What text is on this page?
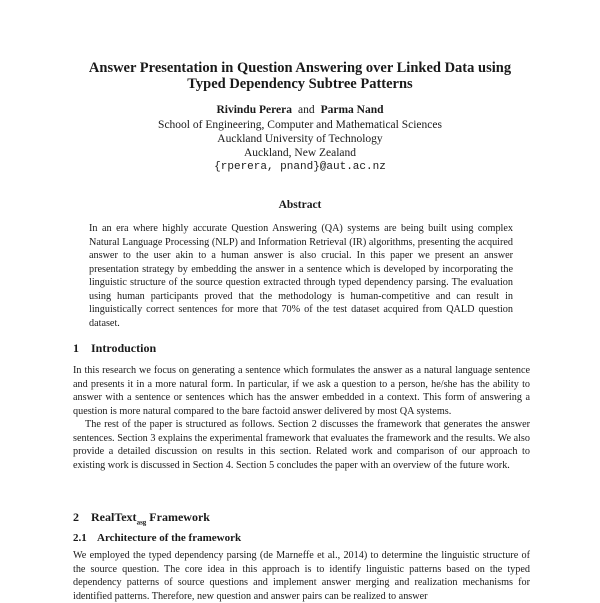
Answer Presentation in Question Answering over Linked Data using
Typed Dependency Subtree Patterns
Rivindu Perera and Parma Nand
School of Engineering, Computer and Mathematical Sciences
Auckland University of Technology
Auckland, New Zealand
{rperera, pnand}@aut.ac.nz
Abstract
In an era where highly accurate Question Answering (QA) systems are being built using complex Natural Language Processing (NLP) and Information Retrieval (IR) algorithms, presenting the acquired answer to the user akin to a human answer is also crucial. In this paper we present an answer presentation strategy by embedding the answer in a sentence which is developed by incorporating the linguistic structure of the source question extracted through typed dependency parsing. The evaluation using human participants proved that the methodology is human-competitive and can result in linguistically correct sentences for more that 70% of the test dataset acquired from QALD question dataset.
1 Introduction
In this research we focus on generating a sentence which formulates the answer as a natural language sentence and presents it in a more natural form. In particular, if we ask a question to a person, he/she has the ability to answer with a sentence or sentences which has the answer embedded in a context. This form of answering a question is more natural compared to the bare factoid answer delivered by most QA systems.
The rest of the paper is structured as follows. Section 2 discusses the framework that generates the answer sentences. Section 3 explains the experimental framework that evaluates the framework and the results. We also provide a detailed discussion on results in this section. Related work and comparison of our approach to existing work is discussed in Section 4. Section 5 concludes the paper with an overview of the future work.
2 RealText$_{asg}$ Framework
2.1 Architecture of the framework
We employed the typed dependency parsing (de Marneffe et al., 2014) to determine the linguistic structure of the source question. The core idea in this approach is to identify linguistic patterns based on the typed dependency patterns of source questions and implement answer merging and realization mechanisms for identified patterns. Therefore, new question and answer pairs can be realized to answer
